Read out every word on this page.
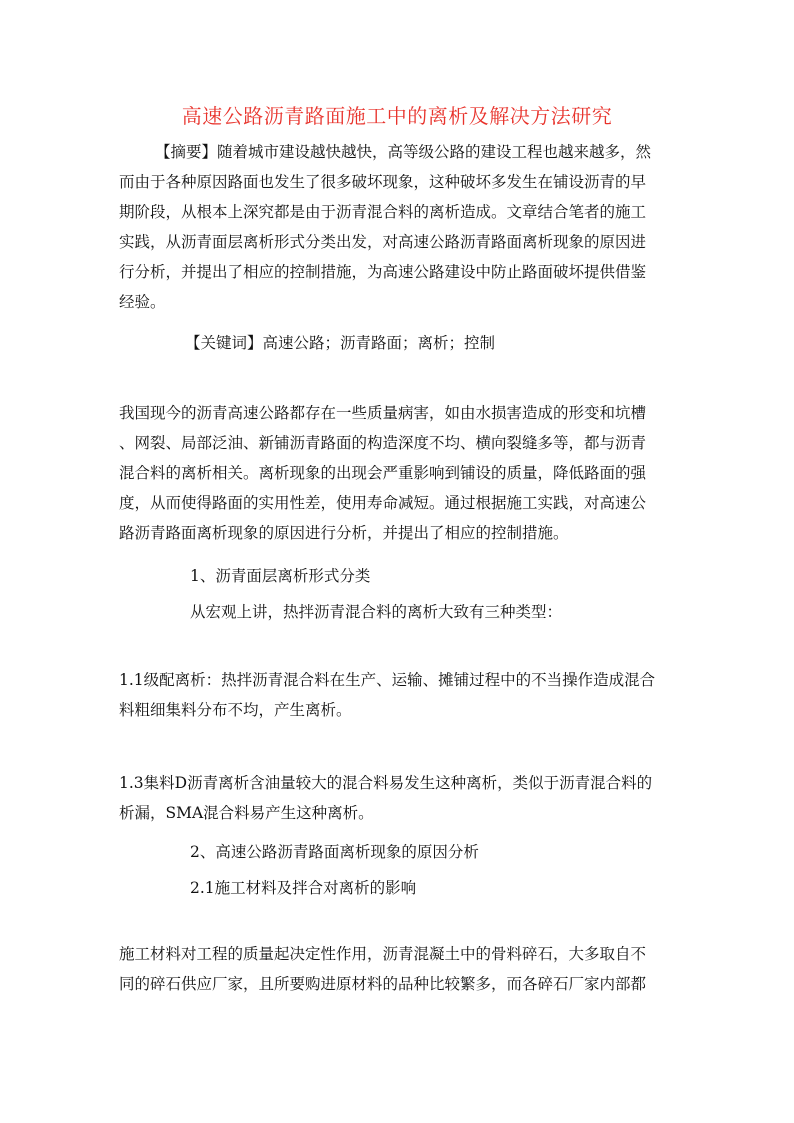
高速公路沥青路面施工中的离析及解决方法研究
【摘要】随着城市建设越快越快，高等级公路的建设工程也越来越多，然
而由于各种原因路面也发生了很多破坏现象，这种破坏多发生在铺设沥青的早
期阶段，从根本上深究都是由于沥青混合料的离析造成。文章结合笔者的施工
实践，从沥青面层离析形式分类出发，对高速公路沥青路面离析现象的原因进
行分析，并提出了相应的控制措施，为高速公路建设中防止路面破坏提供借鉴
经验。
【关键词】高速公路；沥青路面；离析；控制
我国现今的沥青高速公路都存在一些质量病害，如由水损害造成的形变和坑槽
、网裂、局部泛油、新铺沥青路面的构造深度不均、横向裂缝多等，都与沥青
混合料的离析相关。离析现象的出现会严重影响到铺设的质量，降低路面的强
度，从而使得路面的实用性差，使用寿命减短。通过根据施工实践，对高速公
路沥青路面离析现象的原因进行分析，并提出了相应的控制措施。
1、沥青面层离析形式分类
从宏观上讲，热拌沥青混合料的离析大致有三种类型：
1.1级配离析：热拌沥青混合料在生产、运输、摊铺过程中的不当操作造成混合
料粗细集料分布不均，产生离析。
1.3集料D沥青离析含油量较大的混合料易发生这种离析，类似于沥青混合料的
析漏，SMA混合料易产生这种离析。
2、高速公路沥青路面离析现象的原因分析
2.1施工材料及拌合对离析的影响
施工材料对工程的质量起决定性作用，沥青混凝土中的骨料碎石，大多取自不
同的碎石供应厂家，且所要购进原材料的品种比较繁多，而各碎石厂家内部都
